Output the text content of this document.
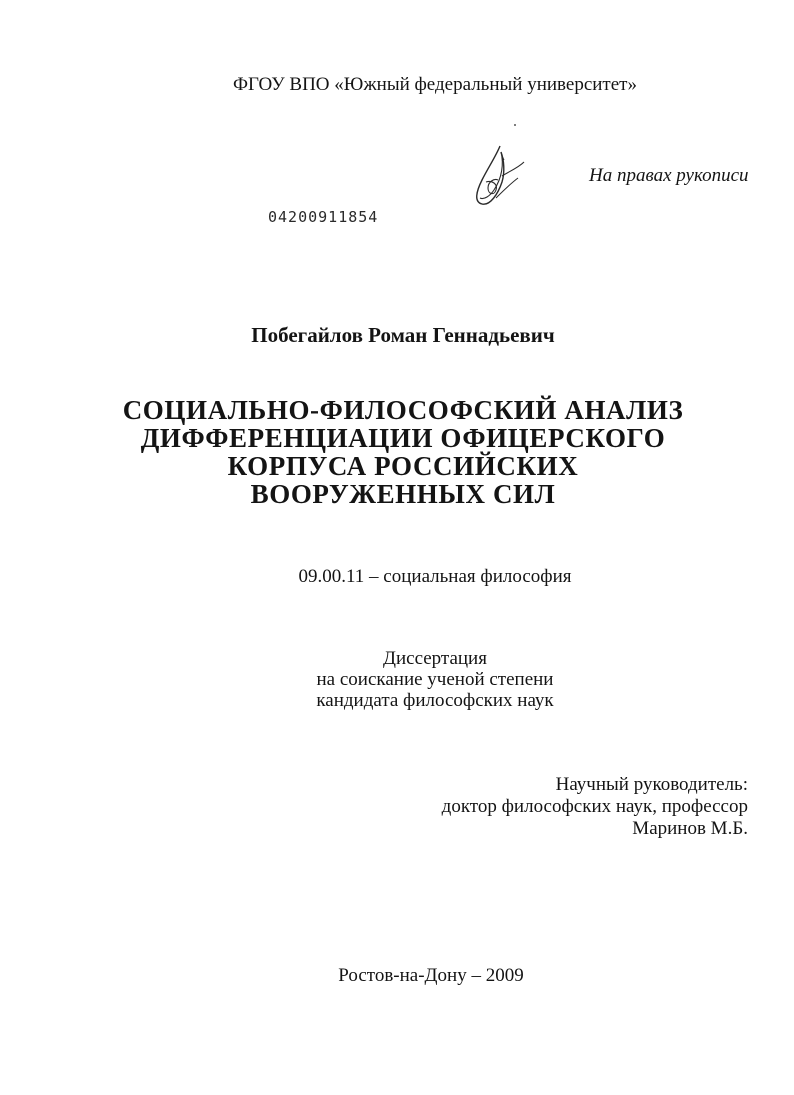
ФГОУ ВПО «Южный федеральный университет»
На правах рукописи
04200911854
Побегайлов Роман Геннадьевич
СОЦИАЛЬНО-ФИЛОСОФСКИЙ АНАЛИЗ
ДИФФЕРЕНЦИАЦИИ ОФИЦЕРСКОГО
КОРПУСА РОССИЙСКИХ
ВООРУЖЕННЫХ СИЛ
09.00.11 – социальная философия
Диссертация
на соискание ученой степени
кандидата философских наук
Научный руководитель:
доктор философских наук, профессор
Маринов М.Б.
Ростов-на-Дону – 2009
